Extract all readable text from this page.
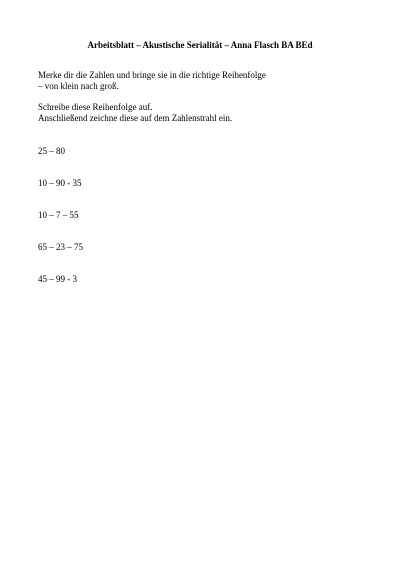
Arbeitsblatt – Akustische Serialität – Anna Flasch BA BEd
Merke dir die Zahlen und bringe sie in die richtige Reihenfolge
– von klein nach groß.
Schreibe diese Reihenfolge auf.
Anschließend zeichne diese auf dem Zahlenstrahl ein.
25 – 80
10 – 90 - 35
10 – 7 – 55
65 – 23 – 75
45 – 99 - 3
